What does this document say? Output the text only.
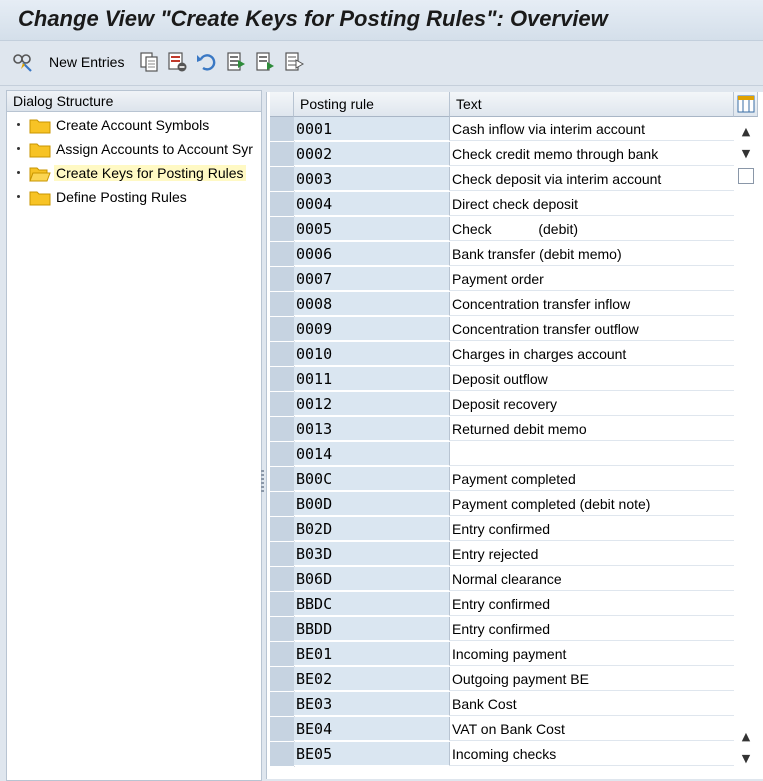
Change View "Create Keys for Posting Rules": Overview
New Entries
Dialog Structure
Create Account Symbols
Assign Accounts to Account Syr
Create Keys for Posting Rules
Define Posting Rules
Posting rule	Text
0001	Cash inflow via interim account
0002	Check credit memo through bank
0003	Check deposit via interim account
0004	Direct check deposit
0005	Check            (debit)
0006	Bank transfer (debit memo)
0007	Payment order
0008	Concentration transfer inflow
0009	Concentration transfer outflow
0010	Charges in charges account
0011	Deposit outflow
0012	Deposit recovery
0013	Returned debit memo
0014
B00C	Payment completed
B00D	Payment completed (debit note)
B02D	Entry confirmed
B03D	Entry rejected
B06D	Normal clearance
BBDC	Entry confirmed
BBDD	Entry confirmed
BE01	Incoming payment
BE02	Outgoing payment BE
BE03	Bank Cost
BE04	VAT on Bank Cost
BE05	Incoming checks
▲
▼
▲
▼
